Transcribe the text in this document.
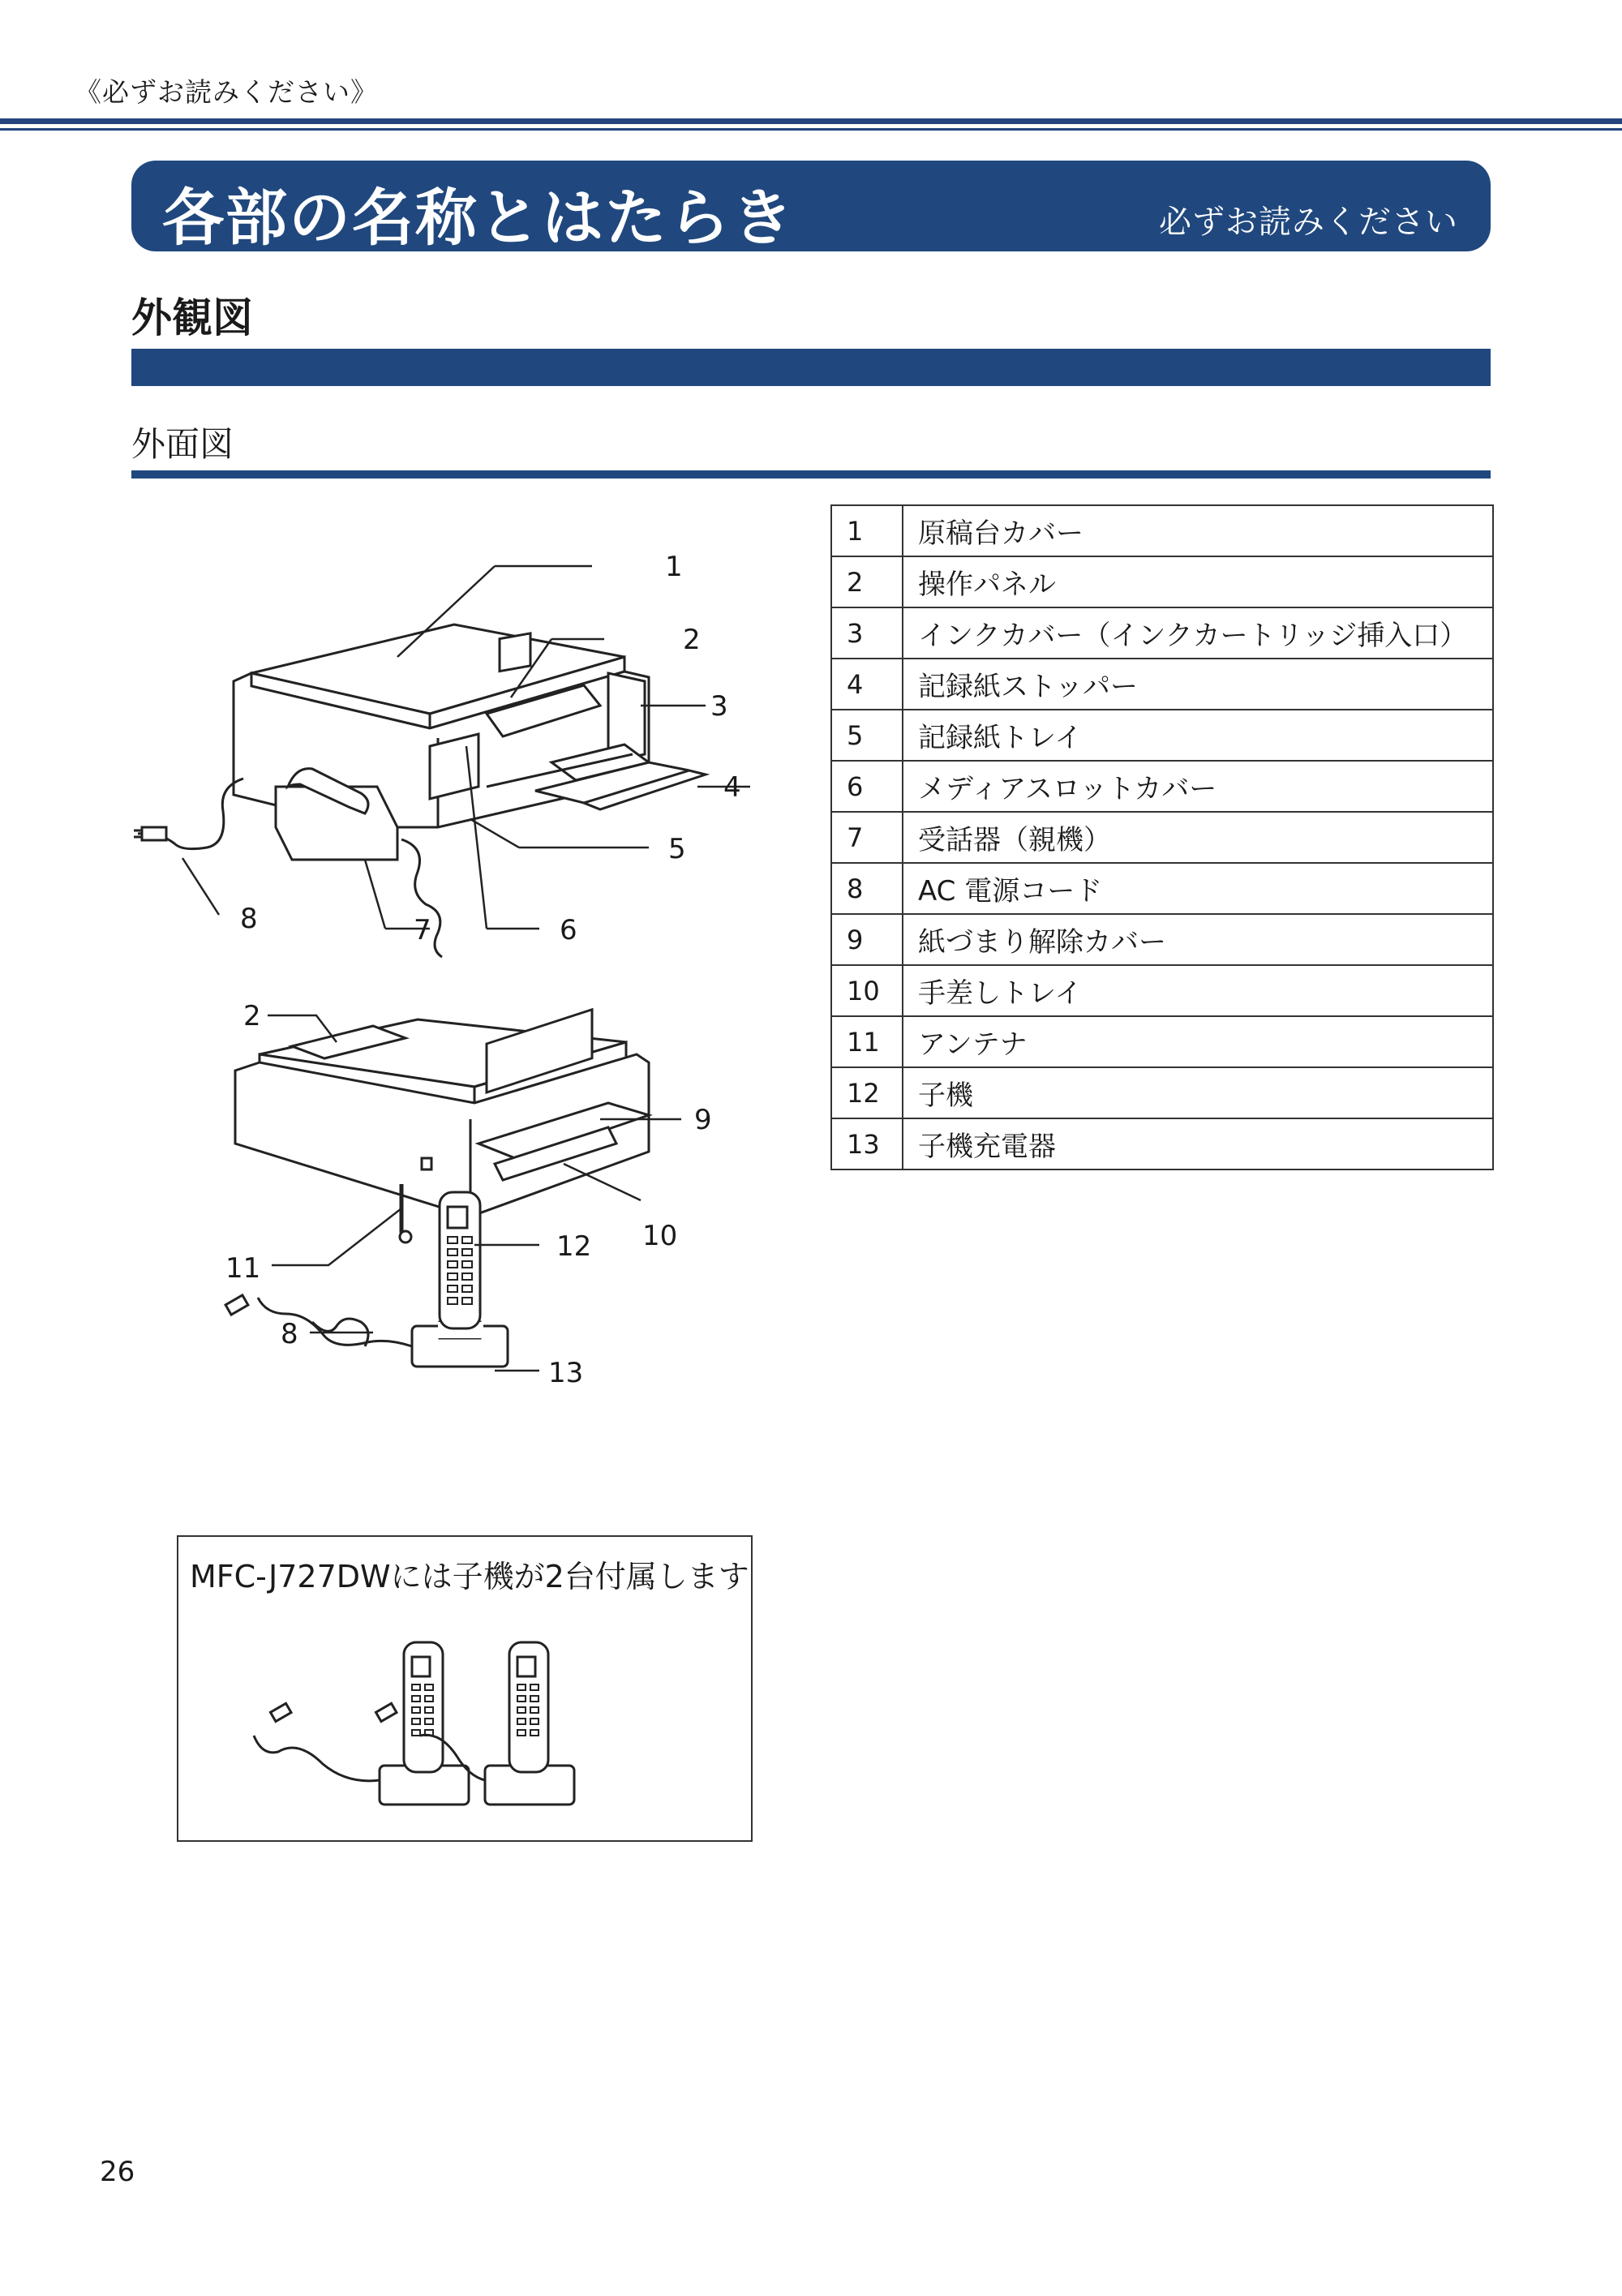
《必ずお読みください》
各部の名称とはたらき	必ずお読みください
外観図
外面図
1
2
3
4
5
6
7
8
2
9
10
11
12
8
13
MFC-J727DWには子機が2台付属します
1	原稿台カバー
2	操作パネル
3	インクカバー（インクカートリッジ挿入口）
4	記録紙ストッパー
5	記録紙トレイ
6	メディアスロットカバー
7	受話器（親機）
8	AC 電源コード
9	紙づまり解除カバー
10	手差しトレイ
11	アンテナ
12	子機
13	子機充電器
26
